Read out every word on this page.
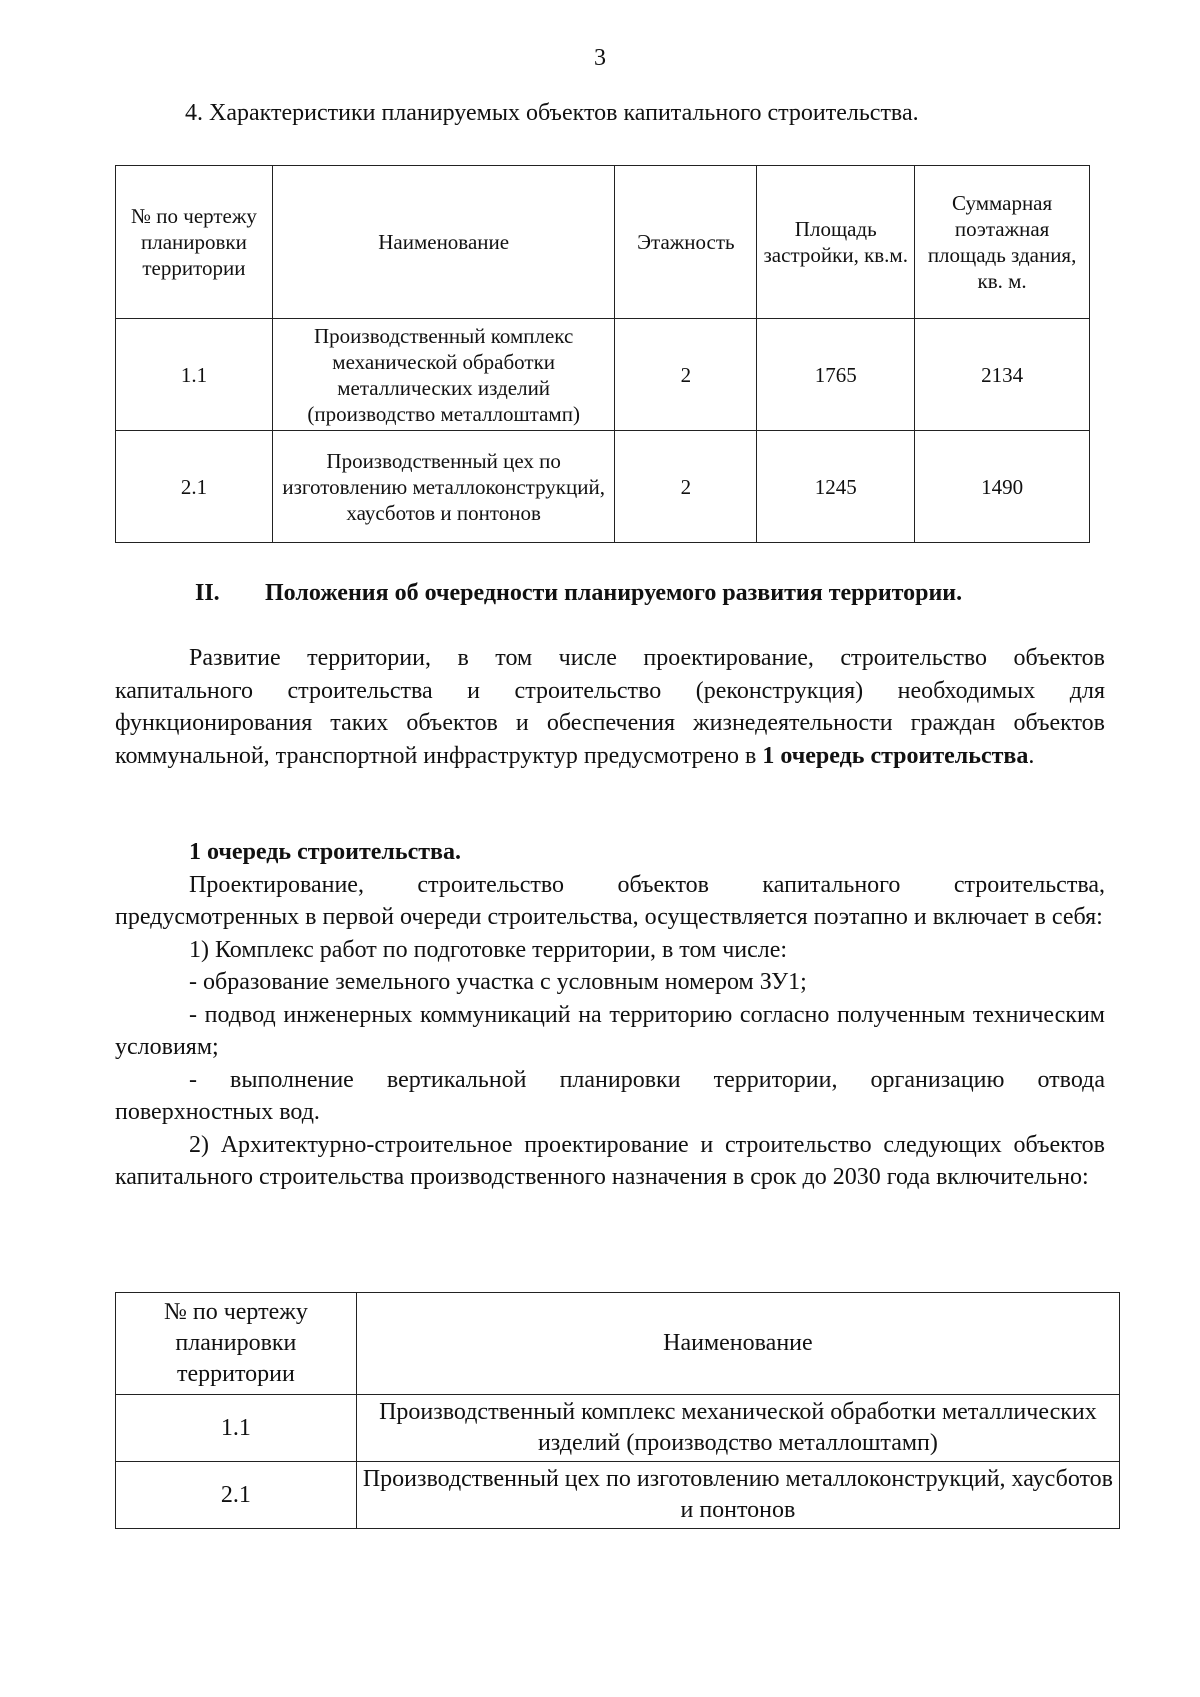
3
4. Характеристики планируемых объектов капитального строительства.
№ по чертежу планировки территории	Наименование	Этажность	Площадь застройки, кв.м.	Суммарная поэтажная площадь здания, кв. м.
1.1	Производственный комплекс механической обработки металлических изделий (производство металлоштамп)	2	1765	2134
2.1	Производственный цех по изготовлению металлоконструкций, хаусботов и понтонов	2	1245	1490
II. Положения об очередности планируемого развития территории.

Развитие территории, в том числе проектирование, строительство объектов капитального строительства и строительство (реконструкция) необходимых для функционирования таких объектов и обеспечения жизнедеятельности граждан объектов коммунальной, транспортной инфраструктур предусмотрено в 1 очередь строительства.

1 очередь строительства.

Проектирование, строительство объектов капитального строительства, предусмотренных в первой очереди строительства, осуществляется поэтапно и включает в себя:

1) Комплекс работ по подготовке территории, в том числе:

- образование земельного участка с условным номером ЗУ1;

- подвод инженерных коммуникаций на территорию согласно полученным техническим условиям;

- выполнение вертикальной планировки территории, организацию отвода поверхностных вод.

2) Архитектурно-строительное проектирование и строительство следующих объектов капитального строительства производственного назначения в срок до 2030 года включительно:

№ по чертежу планировки территории	Наименование
1.1	Производственный комплекс механической обработки металлических изделий (производство металлоштамп)
2.1	Производственный цех по изготовлению металлоконструкций, хаусботов и понтонов
